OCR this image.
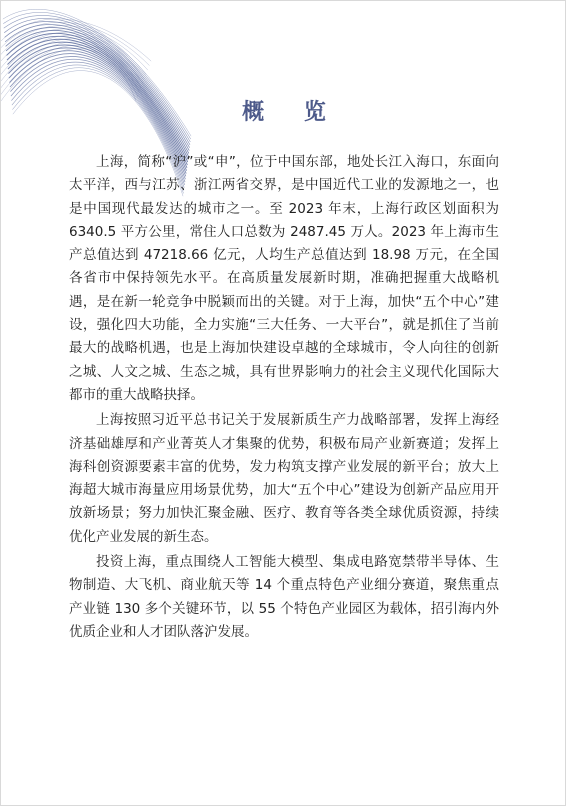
概 览

上海，简称“沪”或“申”，位于中国东部，地处长江入海口，东面向太平洋，西与江苏、浙江两省交界，是中国近代工业的发源地之一，也是中国现代最发达的城市之一。至 2023 年末，上海行政区划面积为 6340.5 平方公里，常住人口总数为 2487.45 万人。2023 年上海市生产总值达到 47218.66 亿元，人均生产总值达到 18.98 万元，在全国各省市中保持领先水平。在高质量发展新时期，准确把握重大战略机遇，是在新一轮竞争中脱颖而出的关键。对于上海，加快“五个中心”建设，强化四大功能，全力实施“三大任务、一大平台”，就是抓住了当前最大的战略机遇，也是上海加快建设卓越的全球城市，令人向往的创新之城、人文之城、生态之城，具有世界影响力的社会主义现代化国际大都市的重大战略抉择。

上海按照习近平总书记关于发展新质生产力战略部署，发挥上海经济基础雄厚和产业菁英人才集聚的优势，积极布局产业新赛道；发挥上海科创资源要素丰富的优势，发力构筑支撑产业发展的新平台；放大上海超大城市海量应用场景优势，加大“五个中心”建设为创新产品应用开放新场景；努力加快汇聚金融、医疗、教育等各类全球优质资源，持续优化产业发展的新生态。

投资上海，重点围绕人工智能大模型、集成电路宽禁带半导体、生物制造、大飞机、商业航天等 14 个重点特色产业细分赛道，聚焦重点产业链 130 多个关键环节，以 55 个特色产业园区为载体，招引海内外优质企业和人才团队落沪发展。
